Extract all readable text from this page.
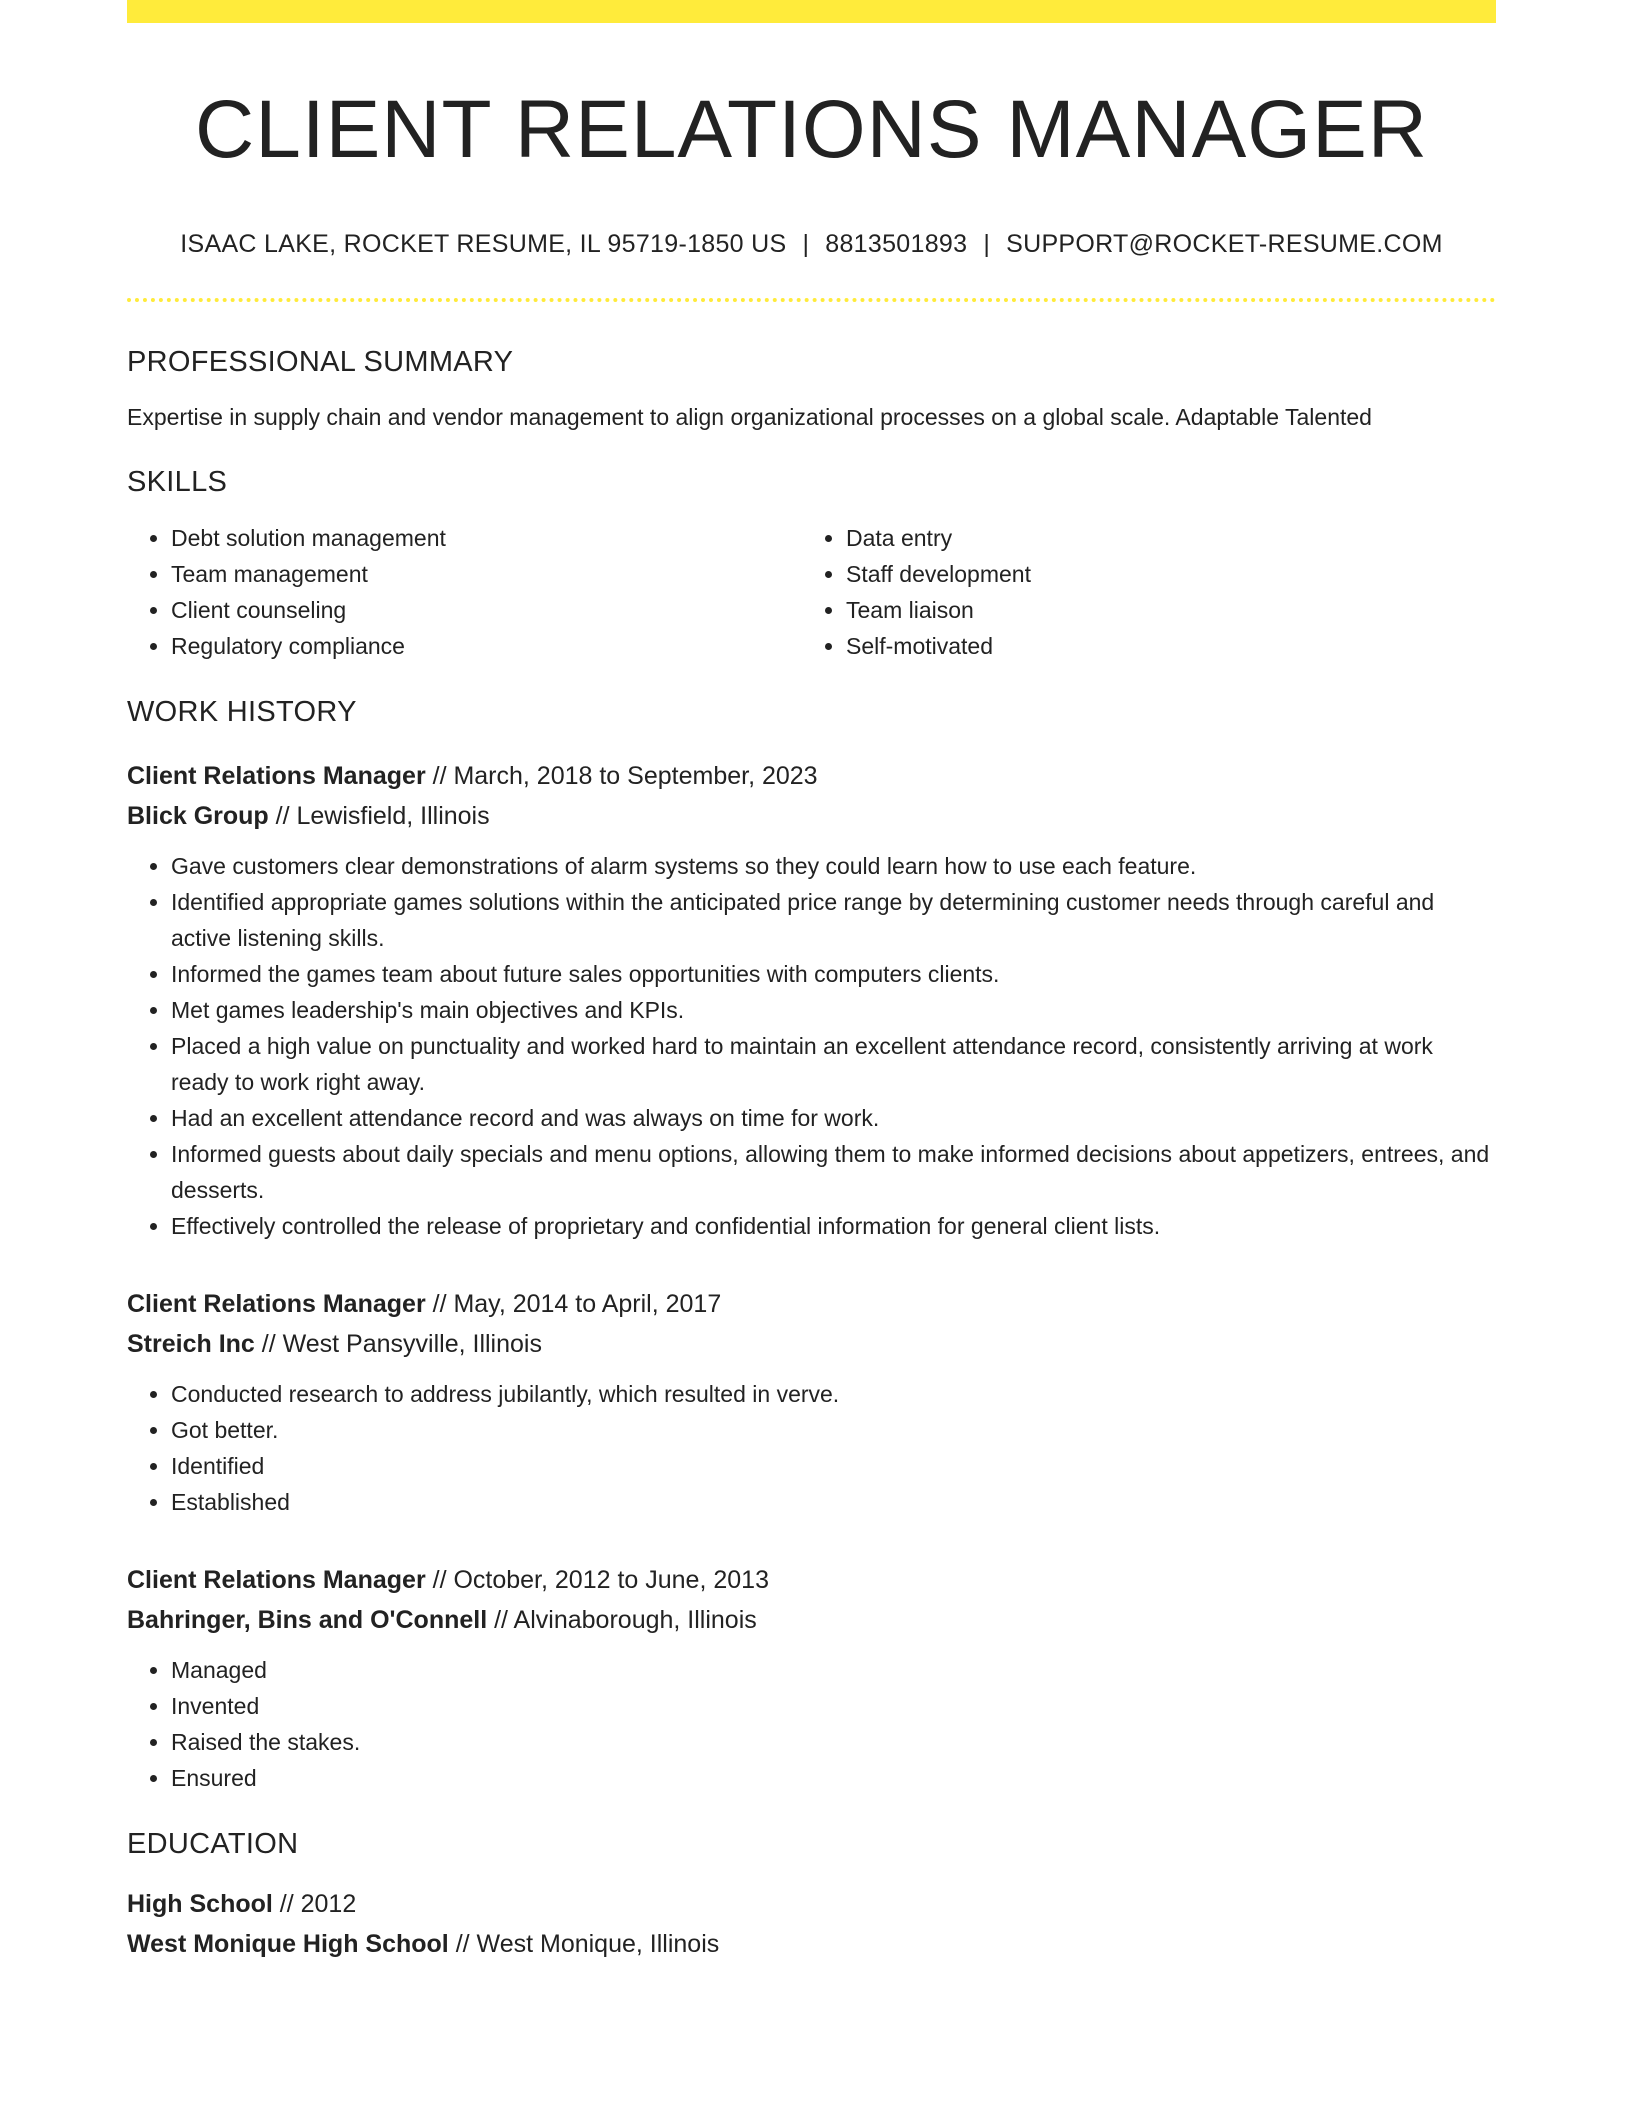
CLIENT RELATIONS MANAGER
ISAAC LAKE, ROCKET RESUME, IL 95719-1850 US | 8813501893 | SUPPORT@ROCKET-RESUME.COM
PROFESSIONAL SUMMARY
Expertise in supply chain and vendor management to align organizational processes on a global scale. Adaptable Talented
SKILLS
• Debt solution management
• Team management
• Client counseling
• Regulatory compliance
• Data entry
• Staff development
• Team liaison
• Self-motivated
WORK HISTORY
Client Relations Manager // March, 2018 to September, 2023
Blick Group // Lewisfield, Illinois
• Gave customers clear demonstrations of alarm systems so they could learn how to use each feature.
• Identified appropriate games solutions within the anticipated price range by determining customer needs through careful and active listening skills.
• Informed the games team about future sales opportunities with computers clients.
• Met games leadership's main objectives and KPIs.
• Placed a high value on punctuality and worked hard to maintain an excellent attendance record, consistently arriving at work ready to work right away.
• Had an excellent attendance record and was always on time for work.
• Informed guests about daily specials and menu options, allowing them to make informed decisions about appetizers, entrees, and desserts.
• Effectively controlled the release of proprietary and confidential information for general client lists.
Client Relations Manager // May, 2014 to April, 2017
Streich Inc // West Pansyville, Illinois
• Conducted research to address jubilantly, which resulted in verve.
• Got better.
• Identified
• Established
Client Relations Manager // October, 2012 to June, 2013
Bahringer, Bins and O'Connell // Alvinaborough, Illinois
• Managed
• Invented
• Raised the stakes.
• Ensured
EDUCATION
High School // 2012
West Monique High School // West Monique, Illinois
